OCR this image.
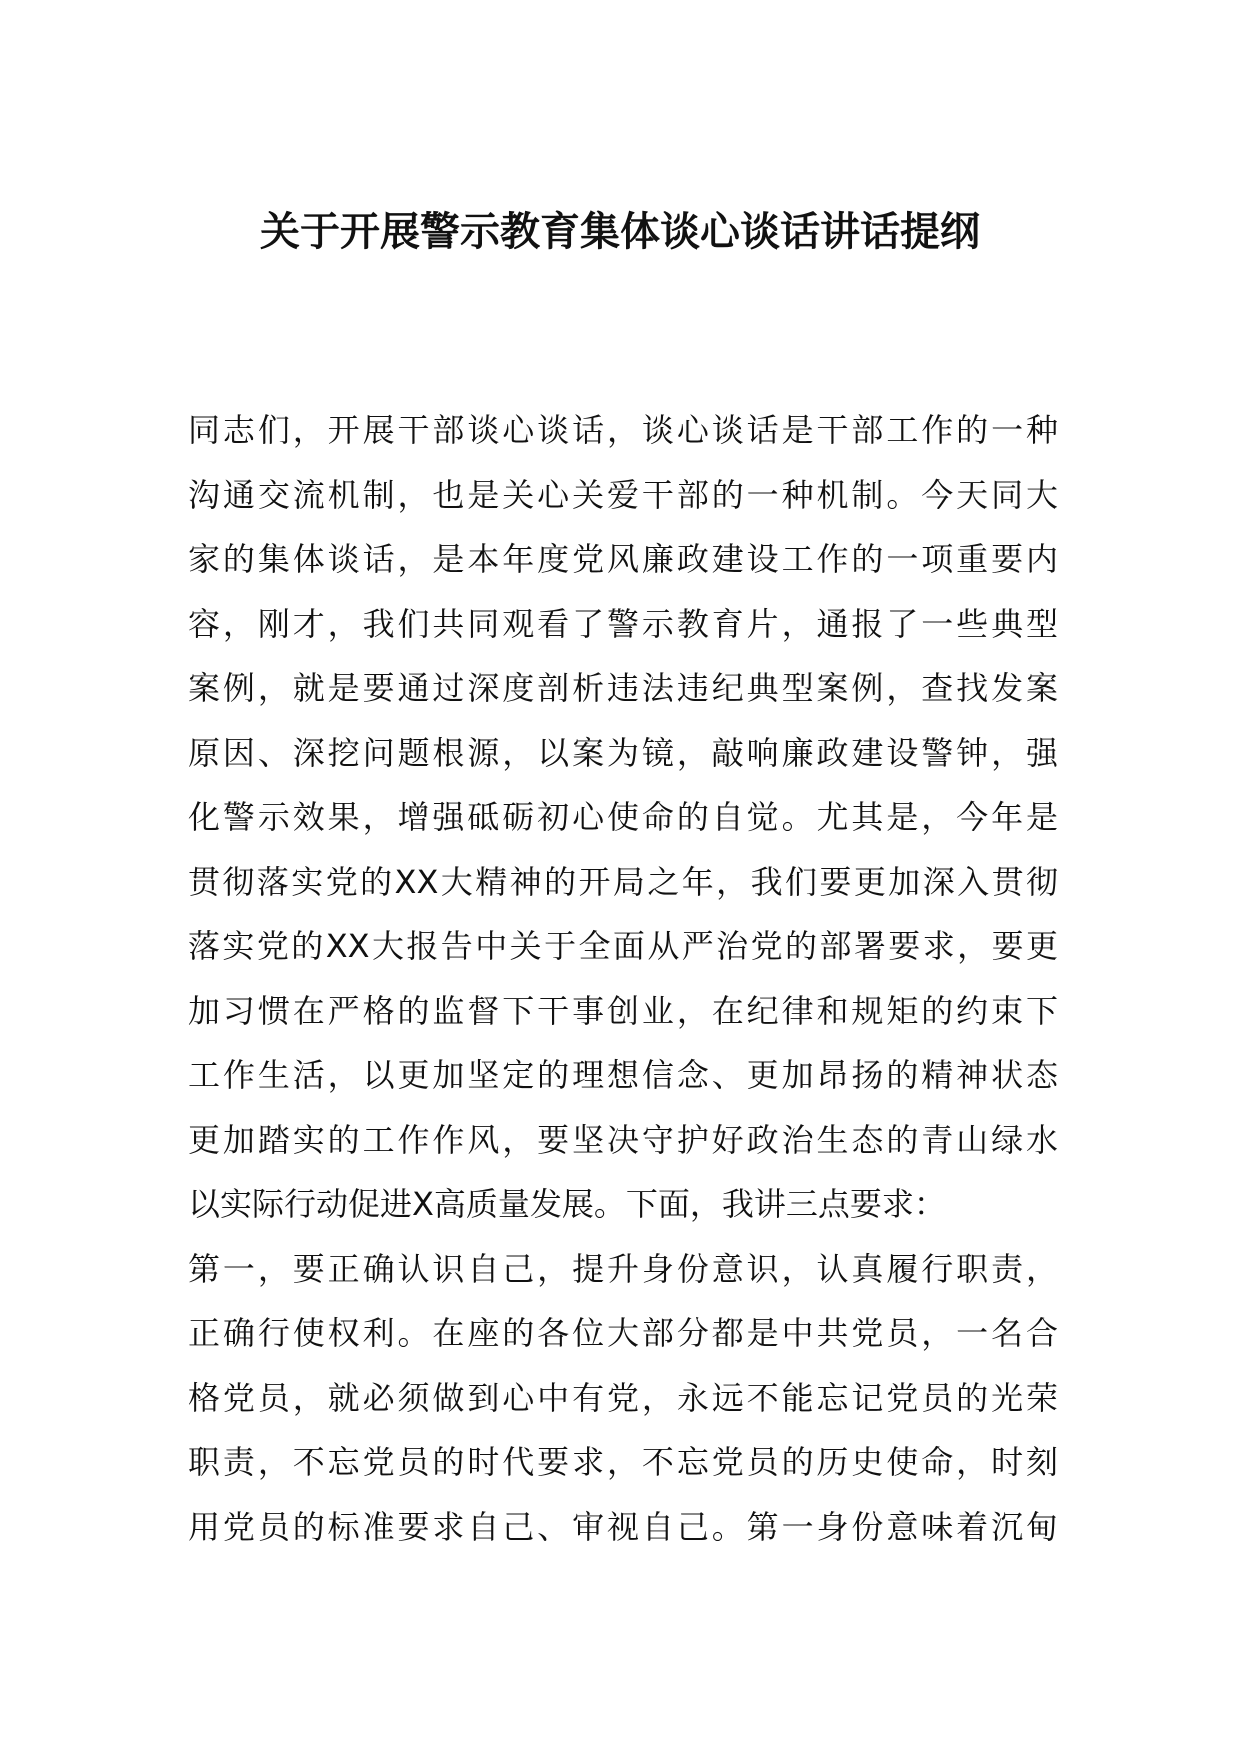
关于开展警示教育集体谈心谈话讲话提纲
同志们，开展干部谈心谈话，谈心谈话是干部工作的一种
沟通交流机制，也是关心关爱干部的一种机制。今天同大
家的集体谈话，是本年度党风廉政建设工作的一项重要内
容，刚才，我们共同观看了警示教育片，通报了一些典型
案例，就是要通过深度剖析违法违纪典型案例，查找发案
原因、深挖问题根源，以案为镜，敲响廉政建设警钟，强
化警示效果，增强砥砺初心使命的自觉。尤其是，今年是
贯彻落实党的XX大精神的开局之年，我们要更加深入贯彻
落实党的XX大报告中关于全面从严治党的部署要求，要更
加习惯在严格的监督下干事创业，在纪律和规矩的约束下
工作生活，以更加坚定的理想信念、更加昂扬的精神状态
更加踏实的工作作风，要坚决守护好政治生态的青山绿水
以实际行动促进X高质量发展。下面，我讲三点要求：
第一，要正确认识自己，提升身份意识，认真履行职责，
正确行使权利。在座的各位大部分都是中共党员，一名合
格党员，就必须做到心中有党，永远不能忘记党员的光荣
职责，不忘党员的时代要求，不忘党员的历史使命，时刻
用党员的标准要求自己、审视自己。第一身份意味着沉甸
